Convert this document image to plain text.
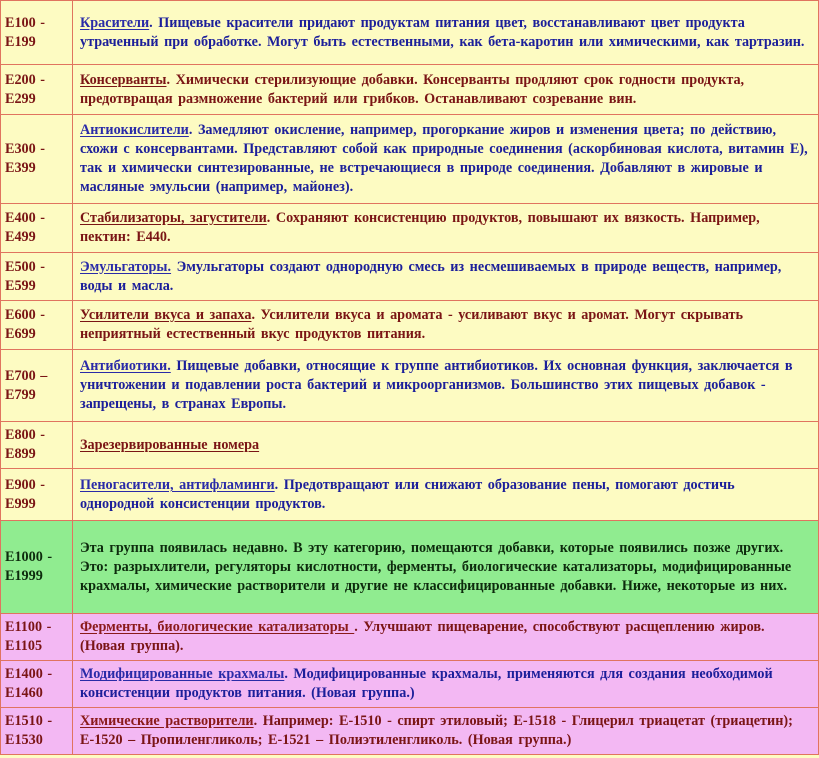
E100 -
E199	Красители. Пищевые красители придают продуктам питания цвет, восстанавливают цвет продукта утраченный при обработке. Могут быть естественными, как бета-каротин или химическими, как тартразин.
E200 -
E299	Консерванты. Химически стерилизующие добавки. Консерванты продляют срок годности продукта, предотвращая размножение бактерий или грибков. Останавливают созревание вин.
E300 -
E399	Антиокислители. Замедляют окисление, например, прогоркание жиров и изменения цвета; по действию, схожи с консервантами. Представляют собой как природные соединения (аскорбиновая кислота, витамин E), так и химически синтезированные, не встречающиеся в природе соединения. Добавляют в жировые и масляные эмульсии (например, майонез).
E400 -
E499	Стабилизаторы, загустители. Сохраняют консистенцию продуктов, повышают их вязкость. Например, пектин: E440.
E500 -
E599	Эмульгаторы. Эмульгаторы создают однородную смесь из несмешиваемых в природе веществ, например, воды и масла.
E600 -
E699	Усилители вкуса и запаха. Усилители вкуса и аромата - усиливают вкус и аромат. Могут скрывать неприятный естественный вкус продуктов питания.
E700 –
E799	Антибиотики. Пищевые добавки, относящие к группе антибиотиков. Их основная функция, заключается в уничтожении и подавлении роста бактерий и микроорганизмов. Большинство этих пищевых добавок - запрещены, в странах Европы.
E800 -
E899	Зарезервированные номера
E900 -
E999	Пеногасители, антифламинги. Предотвращают или снижают образование пены, помогают достичь однородной консистенции продуктов.
E1000 -
E1999	Эта группа появилась недавно. В эту категорию, помещаются добавки, которые появились позже других. Это: разрыхлители, регуляторы кислотности, ферменты, биологические катализаторы, модифицированные крахмалы, химические растворители и другие не классифицированные добавки. Ниже, некоторые из них.
E1100 -
E1105	Ферменты, биологические катализаторы . Улучшают пищеварение, способствуют расщеплению жиров. (Новая группа).
E1400 -
E1460	Модифицированные крахмалы. Модифицированные крахмалы, применяются для создания необходимой консистенции продуктов питания. (Новая группа.)
E1510 -
E1530	Химические растворители. Например: E-1510 - спирт этиловый; E-1518 - Глицерил триацетат (триацетин); E-1520 – Пропиленгликоль; E-1521 – Полиэтиленгликоль. (Новая группа.)
